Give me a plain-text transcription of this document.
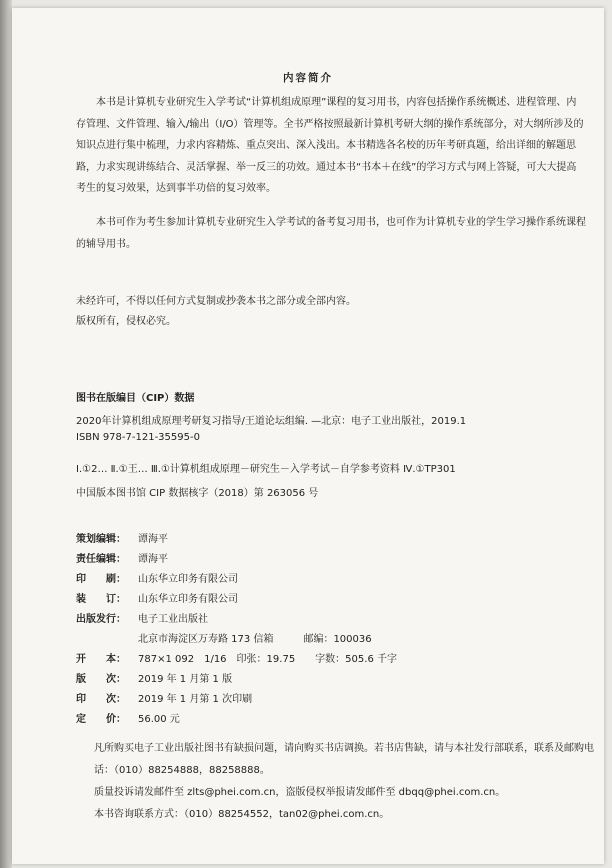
内容简介
本书是计算机专业研究生入学考试“计算机组成原理”课程的复习用书，内容包括操作系统概述、进程管理、内存管理、文件管理、输入/输出（I/O）管理等。全书严格按照最新计算机考研大纲的操作系统部分，对大纲所涉及的知识点进行集中梳理，力求内容精炼、重点突出、深入浅出。本书精选各名校的历年考研真题，给出详细的解题思路，力求实现讲练结合、灵活掌握、举一反三的功效。通过本书“书本＋在线”的学习方式与网上答疑，可大大提高考生的复习效果，达到事半功倍的复习效率。
本书可作为考生参加计算机专业研究生入学考试的备考复习用书，也可作为计算机专业的学生学习操作系统课程的辅导用书。
未经许可，不得以任何方式复制或抄袭本书之部分或全部内容。
版权所有，侵权必究。
图书在版编目（CIP）数据
2020年计算机组成原理考研复习指导/王道论坛组编. —北京：电子工业出版社，2019.1
ISBN 978-7-121-35595-0
Ⅰ.①2… Ⅱ.①王… Ⅲ.①计算机组成原理－研究生－入学考试－自学参考资料 Ⅳ.①TP301
中国版本图书馆 CIP 数据核字（2018）第 263056 号
策划编辑：	谭海平
责任编辑：	谭海平
印　　刷：	山东华立印务有限公司
装　　订：	山东华立印务有限公司
出版发行：	电子工业出版社
北京市海淀区万寿路 173 信箱　　　邮编：100036
开　　本：	787×1 092　1/16　印张：19.75　　字数：505.6 千字
版　　次：	2019 年 1 月第 1 版
印　　次：	2019 年 1 月第 1 次印刷
定　　价：	56.00 元

凡所购买电子工业出版社图书有缺损问题，请向购买书店调换。若书店售缺，请与本社发行部联系，联系及邮购电话：（010）88254888，88258888。

质量投诉请发邮件至 zlts@phei.com.cn，盗版侵权举报请发邮件至 dbqq@phei.com.cn。

本书咨询联系方式：（010）88254552，tan02@phei.com.cn。
